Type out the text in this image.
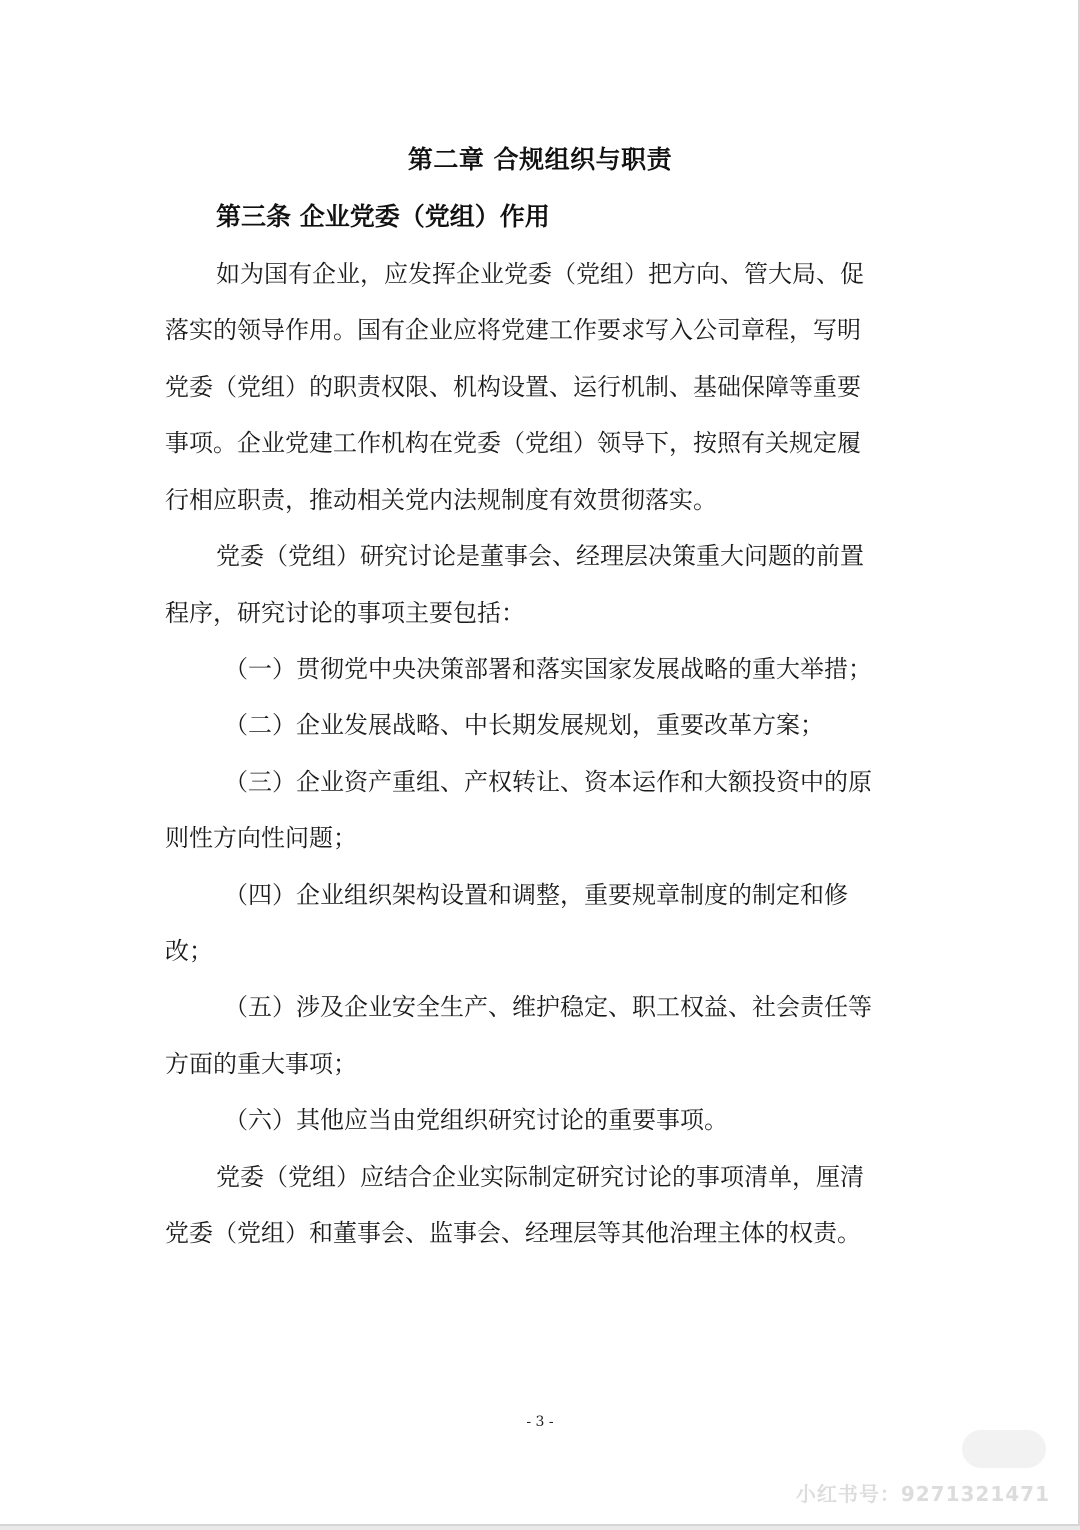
第二章 合规组织与职责
第三条 企业党委（党组）作用
如为国有企业，应发挥企业党委（党组）把方向、管大局、促
落实的领导作用。国有企业应将党建工作要求写入公司章程，写明
党委（党组）的职责权限、机构设置、运行机制、基础保障等重要
事项。企业党建工作机构在党委（党组）领导下，按照有关规定履
行相应职责，推动相关党内法规制度有效贯彻落实。
党委（党组）研究讨论是董事会、经理层决策重大问题的前置
程序，研究讨论的事项主要包括：
（一）贯彻党中央决策部署和落实国家发展战略的重大举措；
（二）企业发展战略、中长期发展规划，重要改革方案；
（三）企业资产重组、产权转让、资本运作和大额投资中的原
则性方向性问题；
（四）企业组织架构设置和调整，重要规章制度的制定和修
改；
（五）涉及企业安全生产、维护稳定、职工权益、社会责任等
方面的重大事项；
（六）其他应当由党组织研究讨论的重要事项。
党委（党组）应结合企业实际制定研究讨论的事项清单，厘清
党委（党组）和董事会、监事会、经理层等其他治理主体的权责。
- 3 -
小红书号：9271321471
